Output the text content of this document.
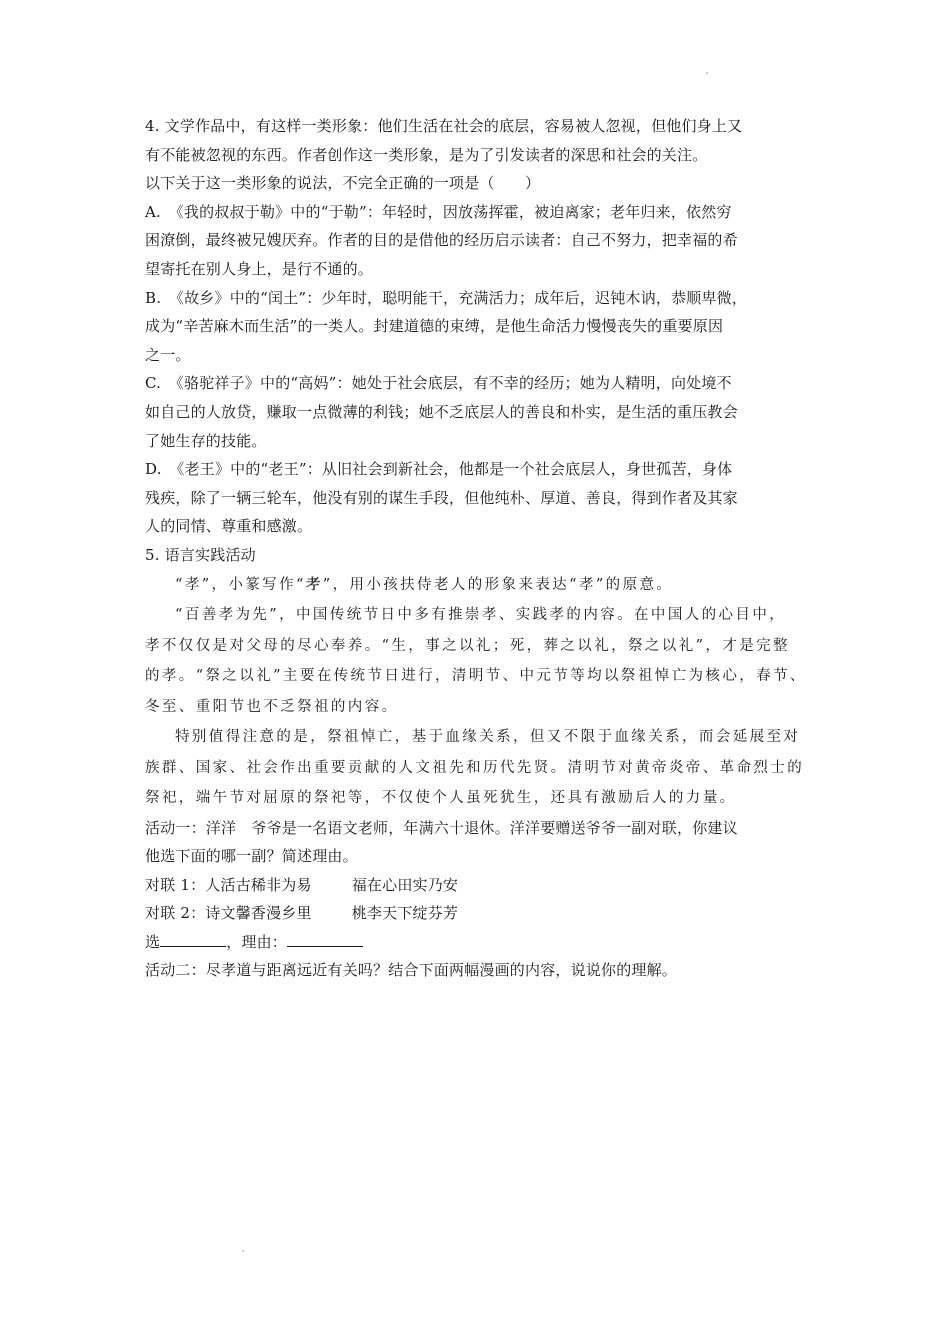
4. 文学作品中，有这样一类形象：他们生活在社会的底层，容易被人忽视，但他们身上又
有不能被忽视的东西。作者创作这一类形象，是为了引发读者的深思和社会的关注。
以下关于这一类形象的说法，不完全正确的一项是（　　）
A.　《我的叔叔于勒》中的“于勒”：年轻时，因放荡挥霍，被迫离家；老年归来，依然穷
困潦倒，最终被兄嫂厌弃。作者的目的是借他的经历启示读者：自己不努力，把幸福的希
望寄托在别人身上，是行不通的。
B.　《故乡》中的“闰土”：少年时，聪明能干，充满活力；成年后，迟钝木讷，恭顺卑微，
成为“辛苦麻木而生活”的一类人。封建道德的束缚，是他生命活力慢慢丧失的重要原因
之一。
C.　《骆驼祥子》中的“高妈”：她处于社会底层，有不幸的经历；她为人精明，向处境不
如自己的人放贷，赚取一点微薄的利钱；她不乏底层人的善良和朴实，是生活的重压教会
了她生存的技能。
D.　《老王》中的“老王”：从旧社会到新社会，他都是一个社会底层人，身世孤苦，身体
残疾，除了一辆三轮车，他没有别的谋生手段，但他纯朴、厚道、善良，得到作者及其家
人的同情、尊重和感激。
5. 语言实践活动
“孝”，小篆写作“𦒱”，用小孩扶侍老人的形象来表达“孝”的原意。
“百善孝为先”，中国传统节日中多有推崇孝、实践孝的内容。在中国人的心目中，
孝不仅仅是对父母的尽心奉养。“生，事之以礼；死，葬之以礼，祭之以礼”，才是完整
的孝。“祭之以礼”主要在传统节日进行，清明节、中元节等均以祭祖悼亡为核心，春节、
冬至、重阳节也不乏祭祖的内容。
特别值得注意的是，祭祖悼亡，基于血缘关系，但又不限于血缘关系，而会延展至对
族群、国家、社会作出重要贡献的人文祖先和历代先贤。清明节对黄帝炎帝、革命烈士的
祭祀，端午节对屈原的祭祀等，不仅使个人虽死犹生，还具有激励后人的力量。
活动一：洋洋　爷爷是一名语文老师，年满六十退休。洋洋要赠送爷爷一副对联，你建议
他选下面的哪一副？简述理由。
对联 1：人活古稀非为易	福在心田实乃安
对联 2：诗文馨香漫乡里	桃李天下绽芬芳
选	，理由：
活动二：尽孝道与距离远近有关吗？结合下面两幅漫画的内容，说说你的理解。
